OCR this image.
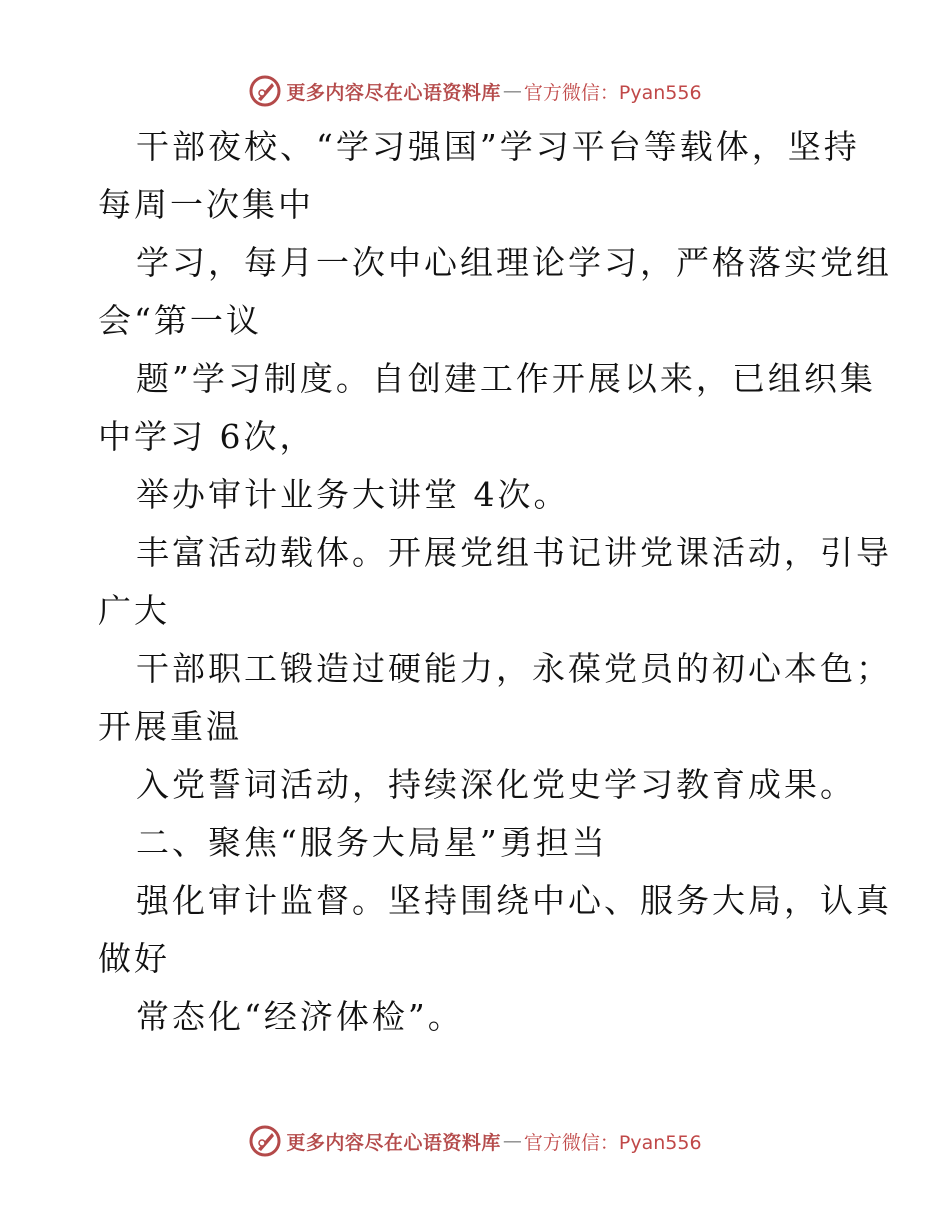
更多内容尽在心语资料库 — 官方微信：Pyan556
干部夜校、“学习强国”学习平台等载体，坚持
每周一次集中
学习，每月一次中心组理论学习，严格落实党组
会“第一议
题”学习制度。自创建工作开展以来，已组织集
中学习 6次，
举办审计业务大讲堂 4次。
丰富活动载体。开展党组书记讲党课活动，引导
广大
干部职工锻造过硬能力，永葆党员的初心本色；
开展重温
入党誓词活动，持续深化党史学习教育成果。
二、聚焦“服务大局星”勇担当
强化审计监督。坚持围绕中心、服务大局，认真
做好
常态化“经济体检”。
更多内容尽在心语资料库 — 官方微信：Pyan556
